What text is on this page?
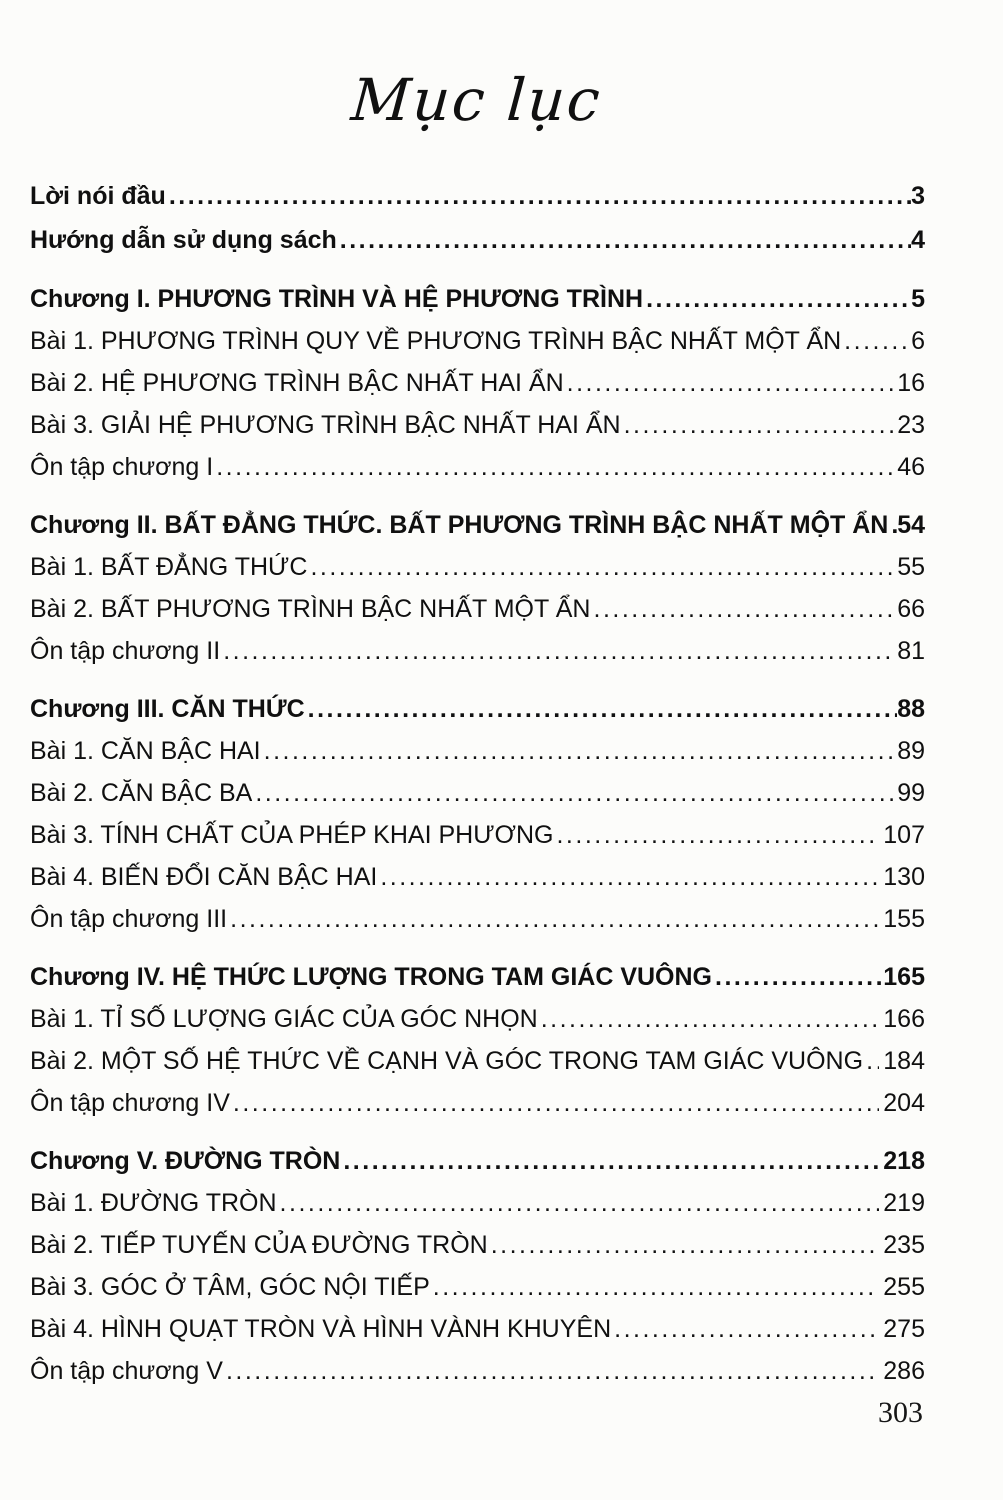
Mục lục
Lời nói đầu .....	3
Hướng dẫn sử dụng sách .....	4
Chương I. PHƯƠNG TRÌNH VÀ HỆ PHƯƠNG TRÌNH .....	5
Bài 1. PHƯƠNG TRÌNH QUY VỀ PHƯƠNG TRÌNH BẬC NHẤT MỘT ẨN .....	6
Bài 2. HỆ PHƯƠNG TRÌNH BẬC NHẤT HAI ẨN .....	16
Bài 3. GIẢI HỆ PHƯƠNG TRÌNH BẬC NHẤT HAI ẨN .....	23
Ôn tập chương I .....	46
Chương II. BẤT ĐẲNG THỨC. BẤT PHƯƠNG TRÌNH BẬC NHẤT MỘT ẨN ..... 54
Bài 1. BẤT ĐẲNG THỨC .....	55
Bài 2. BẤT PHƯƠNG TRÌNH BẬC NHẤT MỘT ẨN .....	66
Ôn tập chương II .....	81
Chương III. CĂN THỨC .....	88
Bài 1. CĂN BẬC HAI .....	89
Bài 2. CĂN BẬC BA .....	99
Bài 3. TÍNH CHẤT CỦA PHÉP KHAI PHƯƠNG .....	107
Bài 4. BIẾN ĐỔI CĂN BẬC HAI .....	130
Ôn tập chương III .....	155
Chương IV. HỆ THỨC LƯỢNG TRONG TAM GIÁC VUÔNG .....	165
Bài 1. TỈ SỐ LƯỢNG GIÁC CỦA GÓC NHỌN .....	166
Bài 2. MỘT SỐ HỆ THỨC VỀ CẠNH VÀ GÓC TRONG TAM GIÁC VUÔNG ..... 184
Ôn tập chương IV .....	204
Chương V. ĐƯỜNG TRÒN .....	218
Bài 1. ĐƯỜNG TRÒN .....	219
Bài 2. TIẾP TUYẾN CỦA ĐƯỜNG TRÒN .....	235
Bài 3. GÓC Ở TÂM, GÓC NỘI TIẾP .....	255
Bài 4. HÌNH QUẠT TRÒN VÀ HÌNH VÀNH KHUYÊN .....	275
Ôn tập chương V .....	286
303
